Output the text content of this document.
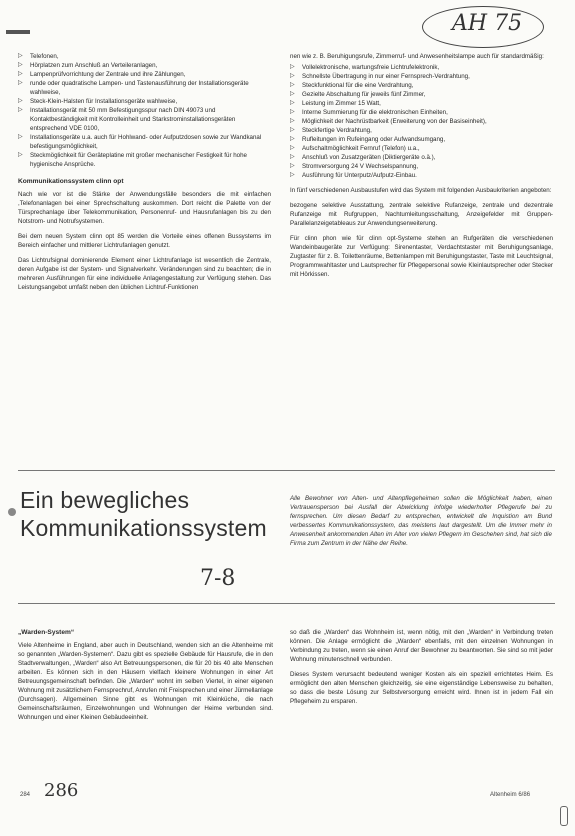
AH 75
▷	Telefonen,
▷	Hörplatzen zum Anschluß an Verteileranlagen,
▷	Lampenprüfvorrichtung der Zentrale und ihre Zählungen,
▷	runde oder quadratische Lampen- und Tastenausführung der Installationsgeräte wahlweise,
▷	Steck-Klein-Halsten für Installationsgeräte wahlweise,
▷	Installationsgerät mit 50 mm Befestigungsspur nach DIN 49073 und Kontaktbeständigkeit mit Kontrolleinheit und Starkstrominstallationsgeräten entsprechend VDE 0100,
▷	Installationsgeräte u.a. auch für Hohlwand- oder Aufputzdosen sowie zur Wandkanal befestigungsmöglichkeit,
▷	Steckmöglichkeit für Geräteplatine mit großer mechanischer Festigkeit für hohe hygienische Ansprüche.
Kommunikationssystem clinn opt

Nach wie vor ist die Stärke der Anwendungsfälle besonders die mit einfachen ,Telefonanlagen bei einer Sprechschaltung auskommen. Dort reicht die Palette von der Türsprechanlage über Telekommunikation, Personenruf- und Hausrufanlagen bis zu den Notstrom- und Notrufsystemen.

Bei dem neuen System clinn opt 85 werden die Vorteile eines offenen Bussystems im Bereich einfacher und mittlerer Lichtrufanlagen genutzt.

Das Lichtrufsignal dominierende Element einer Lichtrufanlage ist wesentlich die Zentrale, deren Aufgabe ist der System- und Signalverkehr. Veränderungen sind zu beachten; die in mehreren Ausführungen für eine individuelle Anlagengestaltung zur Verfügung stehen. Das Leistungsangebot umfaßt neben den üblichen Lichtruf-Funktionen

nen wie z. B. Beruhigungsrufe, Zimmerruf- und Anwesenheitslampe auch für standardmäßig:

▷	Vollelektronische, wartungsfreie Lichtrufelektronik,
▷	Schnellste Übertragung in nur einer Fernsprech-Verdrahtung,
▷	Steckfunktional für die eine Verdrahtung,
▷	Gezielte Abschaltung für jeweils fünf Zimmer,
▷	Leistung im Zimmer 15 Watt,
▷	Interne Summierung für die elektronischen Einheiten,
▷	Möglichkeit der Nachrüstbarkeit (Erweiterung von der Basiseinheit),
▷	Steckfertige Verdrahtung,
▷	Rufleitungen im Rufeingang oder Aufwandsumgang,
▷	Aufschaltmöglichkeit Fernruf (Telefon) u.a.,
▷	Anschluß von Zusatzgeräten (Diktiergeräte o.ä.),
▷	Stromversorgung 24 V Wechselspannung,
▷	Ausführung für Unterputz/Aufputz-Einbau.

In fünf verschiedenen Ausbaustufen wird das System mit folgenden Ausbaukriterien angeboten:

bezogene selektive Ausstattung, zentrale selektive Rufanzeige, zentrale und dezentrale Rufanzeige mit Rufgruppen, Nachtumleitungsschaltung, Anzeigefelder mit Gruppen-Parallelanzeigetableaus zur Anwendungserweiterung.

Für clinn phon wie für clinn opt-Systeme stehen an Rufgeräten die verschiedenen Wandeinbaugeräte zur Verfügung: Sirenentaster, Verdachtstaster mit Beruhigungsanlage, Zugtaster für z. B. Toilettenräume, Bettenlampen mit Beruhigungstaster, Taste mit Leuchtsignal, Programmwahltaster und Lautsprecher für Pflegepersonal sowie Kleinlautsprecher oder Stecker mit Hörkissen.

Ein bewegliches
Kommunikationssystem
Alle Bewohner von Alten- und Altenpflegeheimen sollen die Möglichkeit haben, einen Vertrauensperson bei Ausfall der Abwicklung infolge wiederholter Pflegerufe bei zu fernsprechen. Um diesen Bedarf zu entsprechen, entwickelt die Inquistion am Bund verbessertes Kommunikationssystem, das meistens laut dargestellt. Um die Immer mehr in Anwesenheit ankommenden Alten im Alter von vielen Pflegern im Geschehen sind, hat sich die Firma zum Zentrum in der Nähe der Reihe.
7-8
„Warden-System“

Viele Altenheime in England, aber auch in Deutschland, wenden sich an die Altenheime mit so genannten „Warden-Systemen“. Dazu gibt es spezielle Gebäude für Hausrufe, die in den Stadtverwaltungen, „Warden“ also Art Betreuungspersonen, die für 20 bis 40 alte Menschen arbeiten. Es können sich in den Häusern vielfach kleinere Wohnungen in einer Art Betreuungsgemeinschaft befinden. Die „Warden“ wohnt im selben Viertel, in einer eigenen Wohnung mit zusätzlichem Fernsprechruf, Anrufen mit Freisprechen und einer Jürmellanlage (Durchsagen). Allgemeinen Sinne gibt es Wohnungen mit Kleinküche, die nach Gemeinschaftsräumen, Einzelwohnungen und Wohnungen der Heime verbunden sind. Wohnungen und einer Kleinen Gebäudeeinheit.

so daß die „Warden“ das Wohnheim ist, wenn nötig, mit den „Warden“ in Verbindung treten können. Die Anlage ermöglicht die „Warden“ ebenfalls, mit den einzelnen Wohnungen in Verbindung zu treten, wenn sie einen Anruf der Bewohner zu beantworten. Sie sind so mit jeder Wohnung minutenschnell verbunden.

Dieses System verursacht bedeutend weniger Kosten als ein speziell errichtetes Heim. Es ermöglicht den alten Menschen gleichzeitig, sie eine eigenständige Lebensweise zu behalten, so dass die beste Lösung zur Selbstversorgung erreicht wird. Ihnen ist in jedem Fall ein Pflegeheim zu ersparen.

284 286	Altenheim 6/86
